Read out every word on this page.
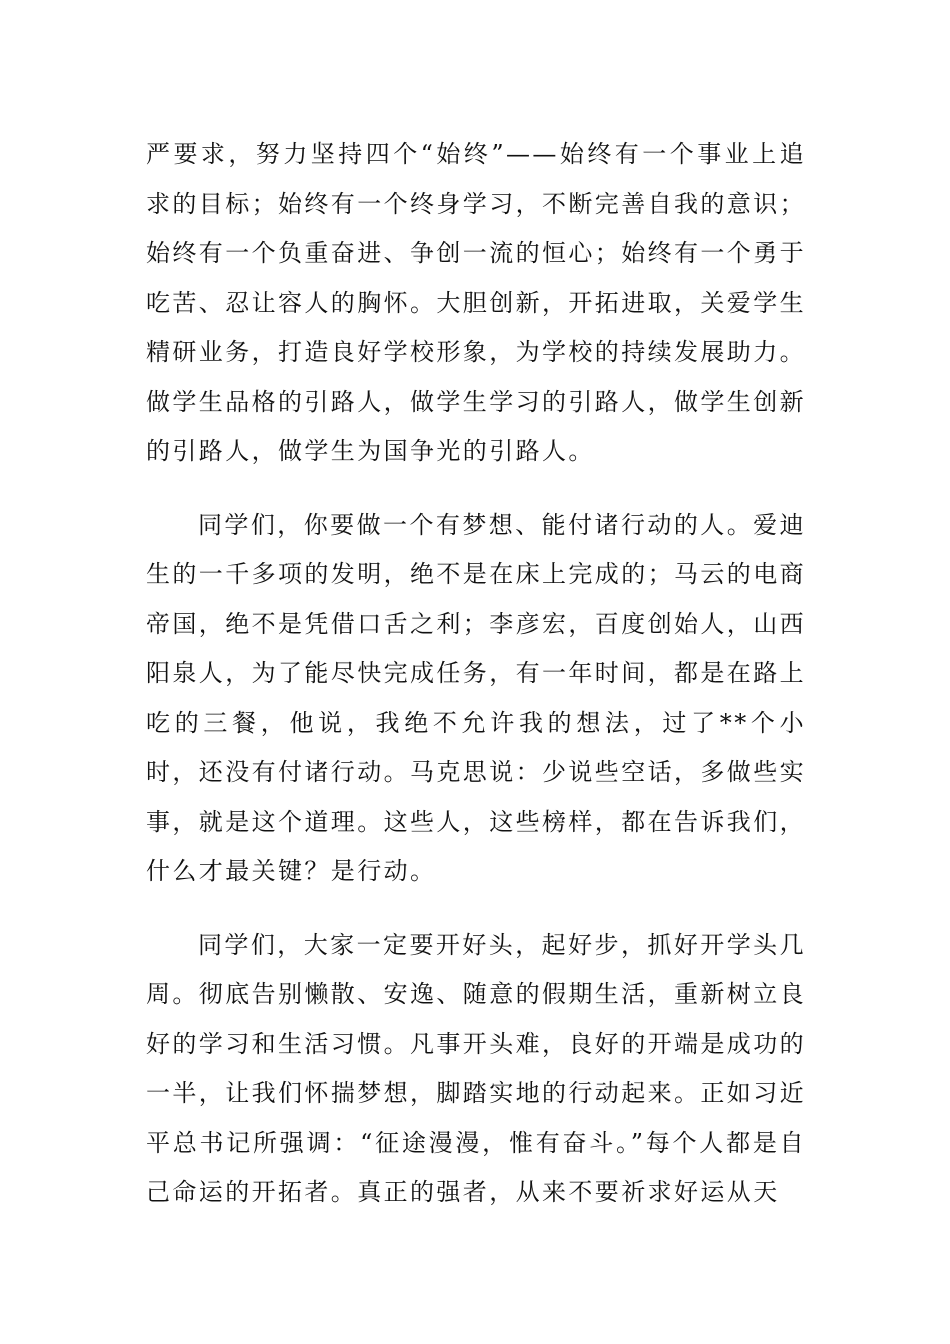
严要求，努力坚持四个“始终”——始终有一个事业上追求的目标；始终有一个终身学习，不断完善自我的意识；始终有一个负重奋进、争创一流的恒心；始终有一个勇于吃苦、忍让容人的胸怀。大胆创新，开拓进取，关爱学生精研业务，打造良好学校形象，为学校的持续发展助力。做学生品格的引路人，做学生学习的引路人，做学生创新的引路人，做学生为国争光的引路人。

同学们，你要做一个有梦想、能付诸行动的人。爱迪生的一千多项的发明，绝不是在床上完成的；马云的电商帝国，绝不是凭借口舌之利；李彦宏，百度创始人，山西阳泉人，为了能尽快完成任务，有一年时间，都是在路上吃的三餐，他说，我绝不允许我的想法，过了**个小时，还没有付诸行动。马克思说：少说些空话，多做些实事，就是这个道理。这些人，这些榜样，都在告诉我们，什么才最关键？是行动。

同学们，大家一定要开好头，起好步，抓好开学头几周。彻底告别懒散、安逸、随意的假期生活，重新树立良好的学习和生活习惯。凡事开头难，良好的开端是成功的一半，让我们怀揣梦想，脚踏实地的行动起来。正如习近平总书记所强调：“征途漫漫，惟有奋斗。”每个人都是自己命运的开拓者。真正的强者，从来不要祈求好运从天
